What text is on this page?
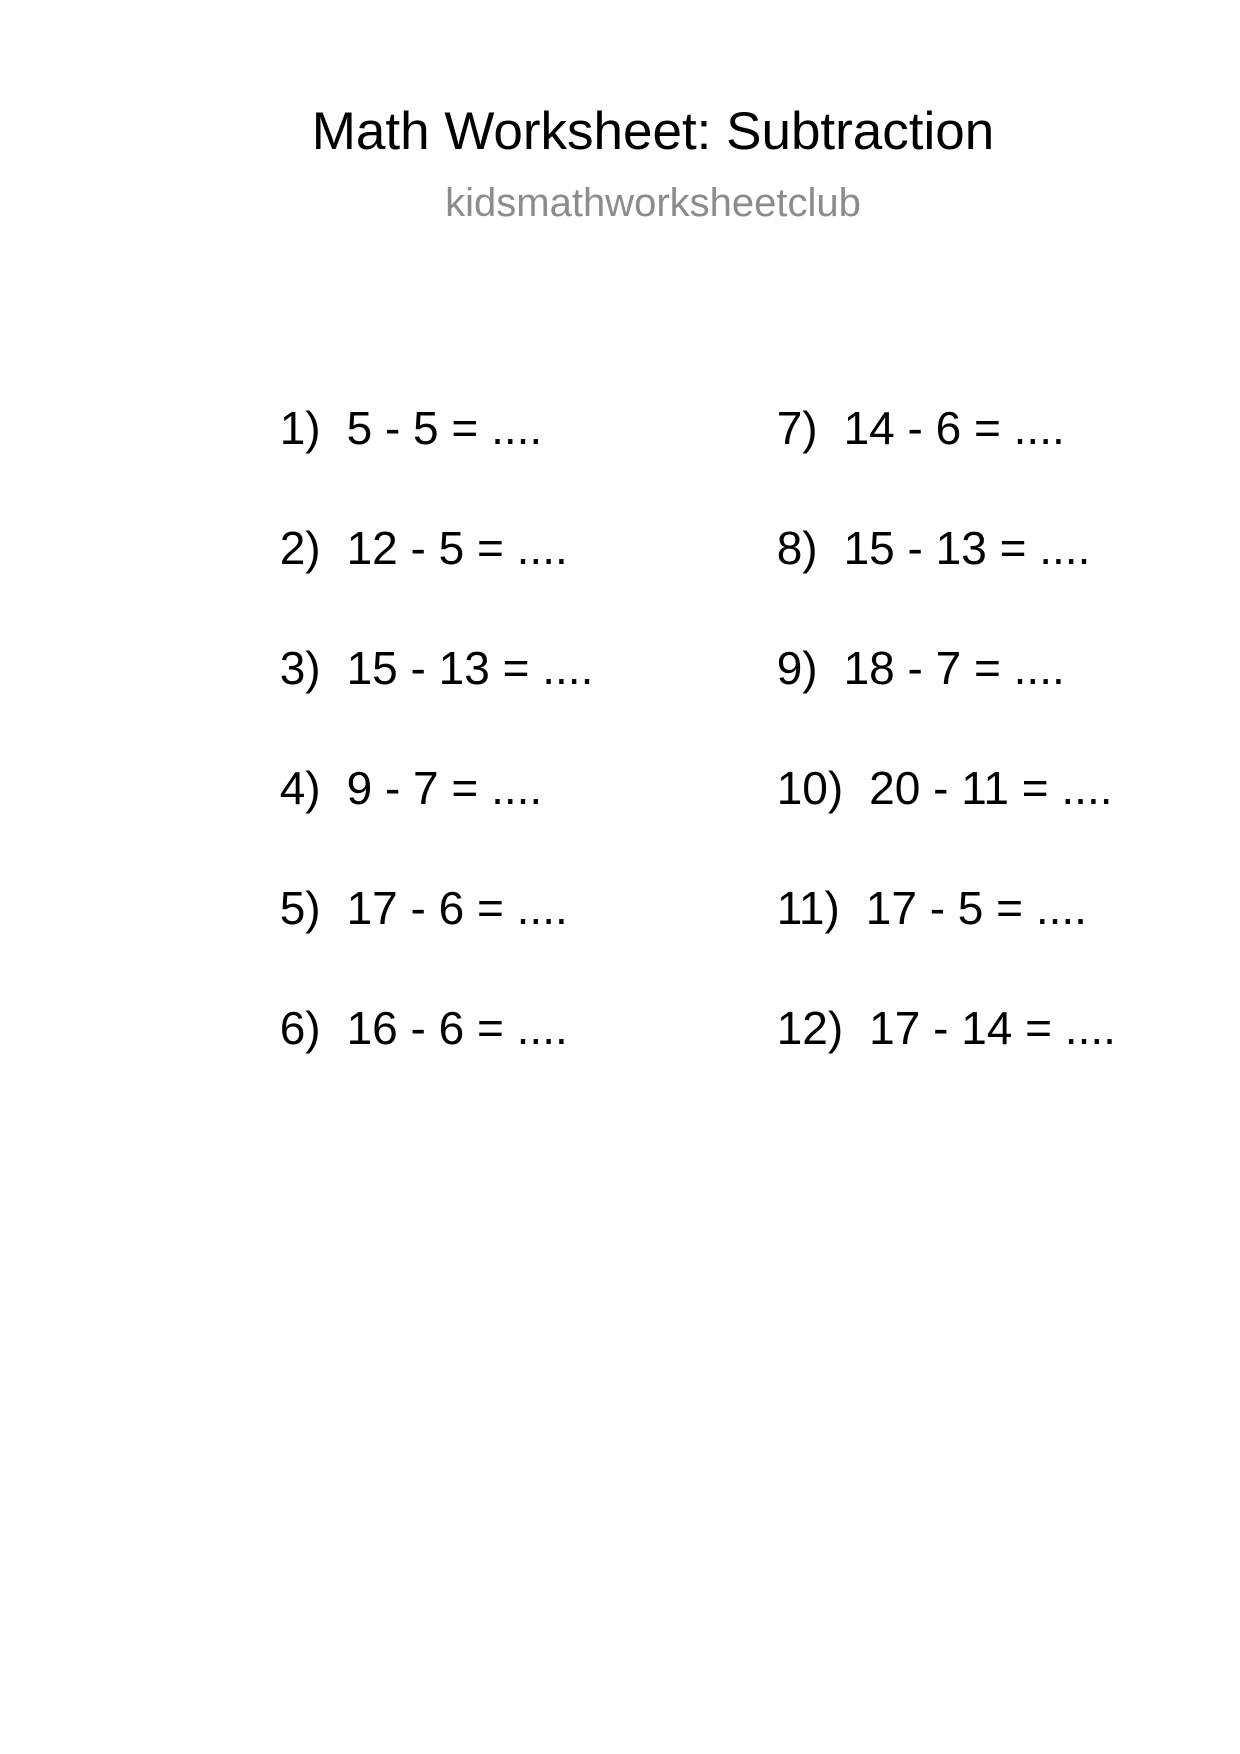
Math Worksheet: Subtraction
kidsmathworksheetclub

1) 5 - 5 = ....

2) 12 - 5 = ....

3) 15 - 13 = ....

4) 9 - 7 = ....

5) 17 - 6 = ....

6) 16 - 6 = ....

7) 14 - 6 = ....

8) 15 - 13 = ....

9) 18 - 7 = ....

10) 20 - 11 = ....

11) 17 - 5 = ....

12) 17 - 14 = ....
